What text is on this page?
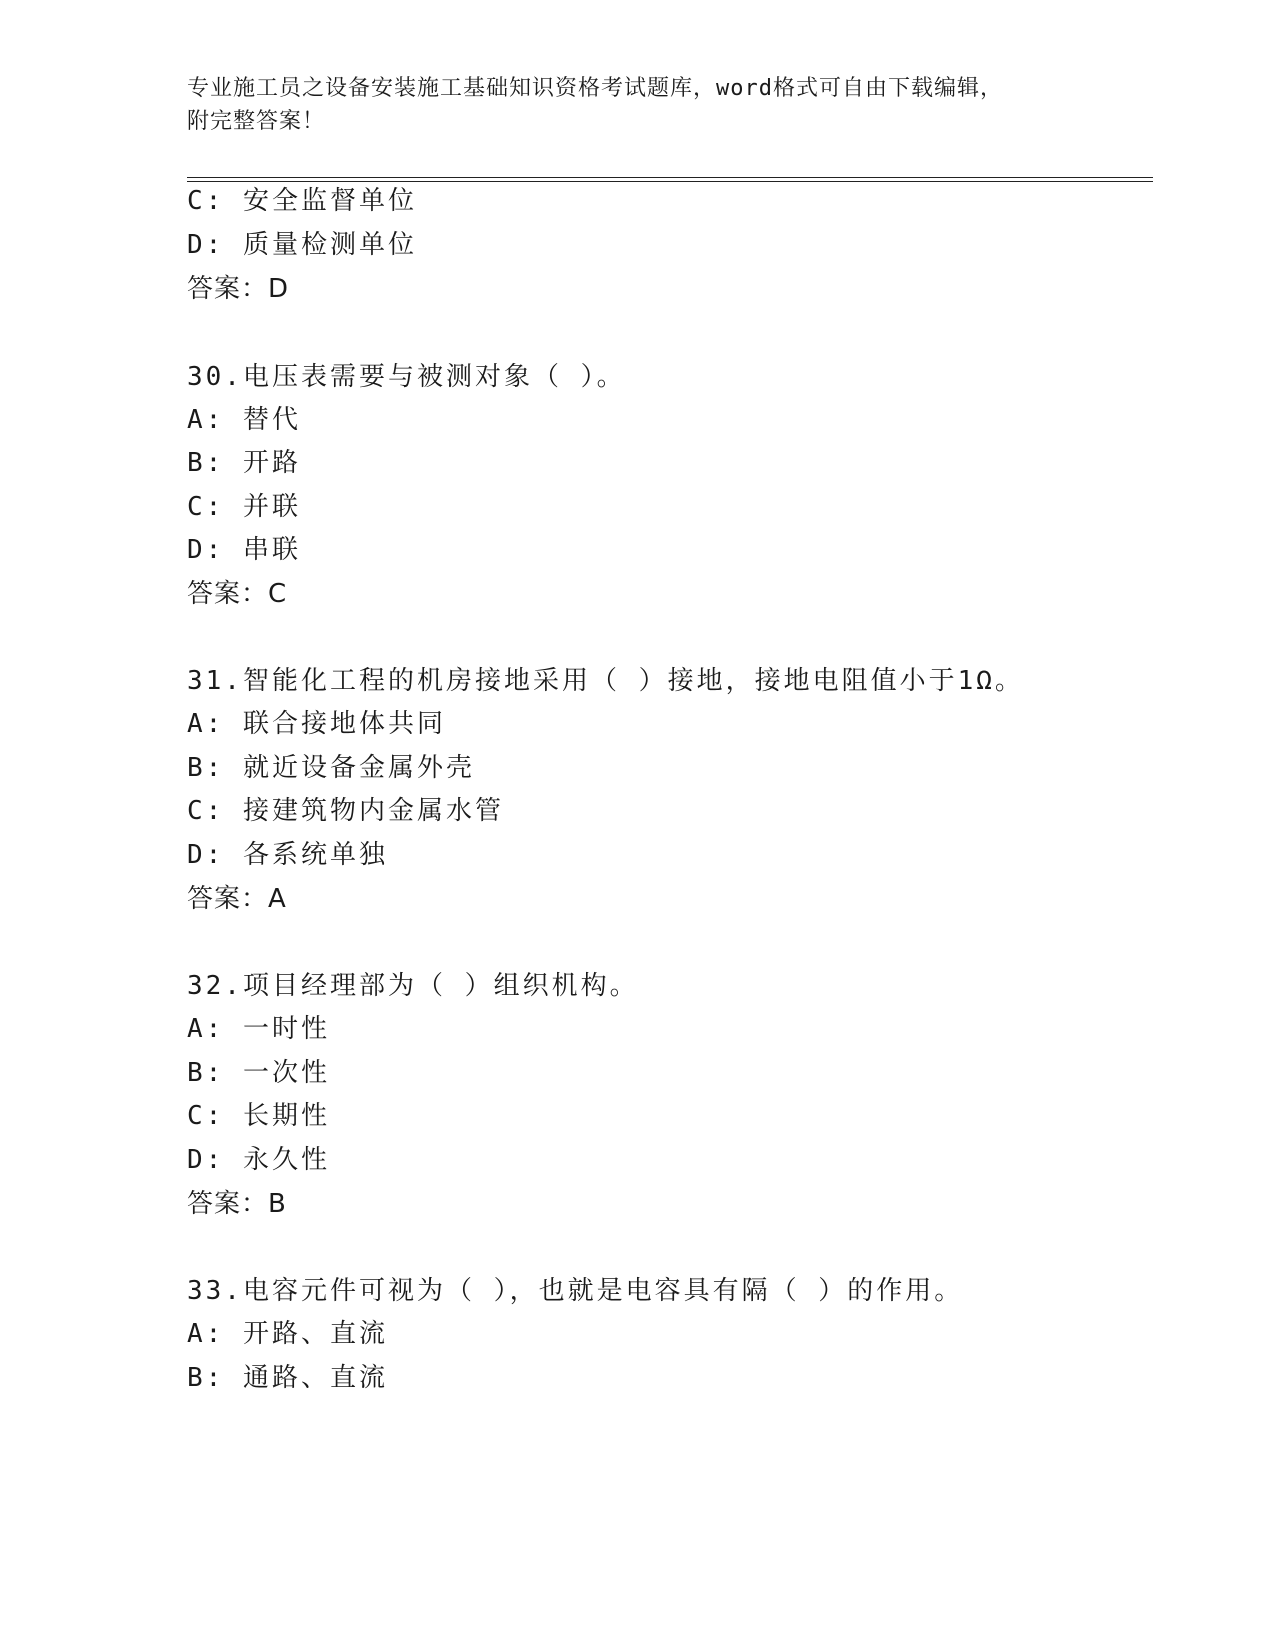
专业施工员之设备安装施工基础知识资格考试题库，word格式可自由下载编辑，
附完整答案！
C: 安全监督单位
D: 质量检测单位
答案：D
30.电压表需要与被测对象（ ）。
A: 替代
B: 开路
C: 并联
D: 串联
答案：C
31.智能化工程的机房接地采用（ ）接地，接地电阻值小于1Ω。
A: 联合接地体共同
B: 就近设备金属外壳
C: 接建筑物内金属水管
D: 各系统单独
答案：A
32.项目经理部为（ ）组织机构。
A: 一时性
B: 一次性
C: 长期性
D: 永久性
答案：B
33.电容元件可视为（ ），也就是电容具有隔（ ）的作用。
A: 开路、直流
B: 通路、直流
